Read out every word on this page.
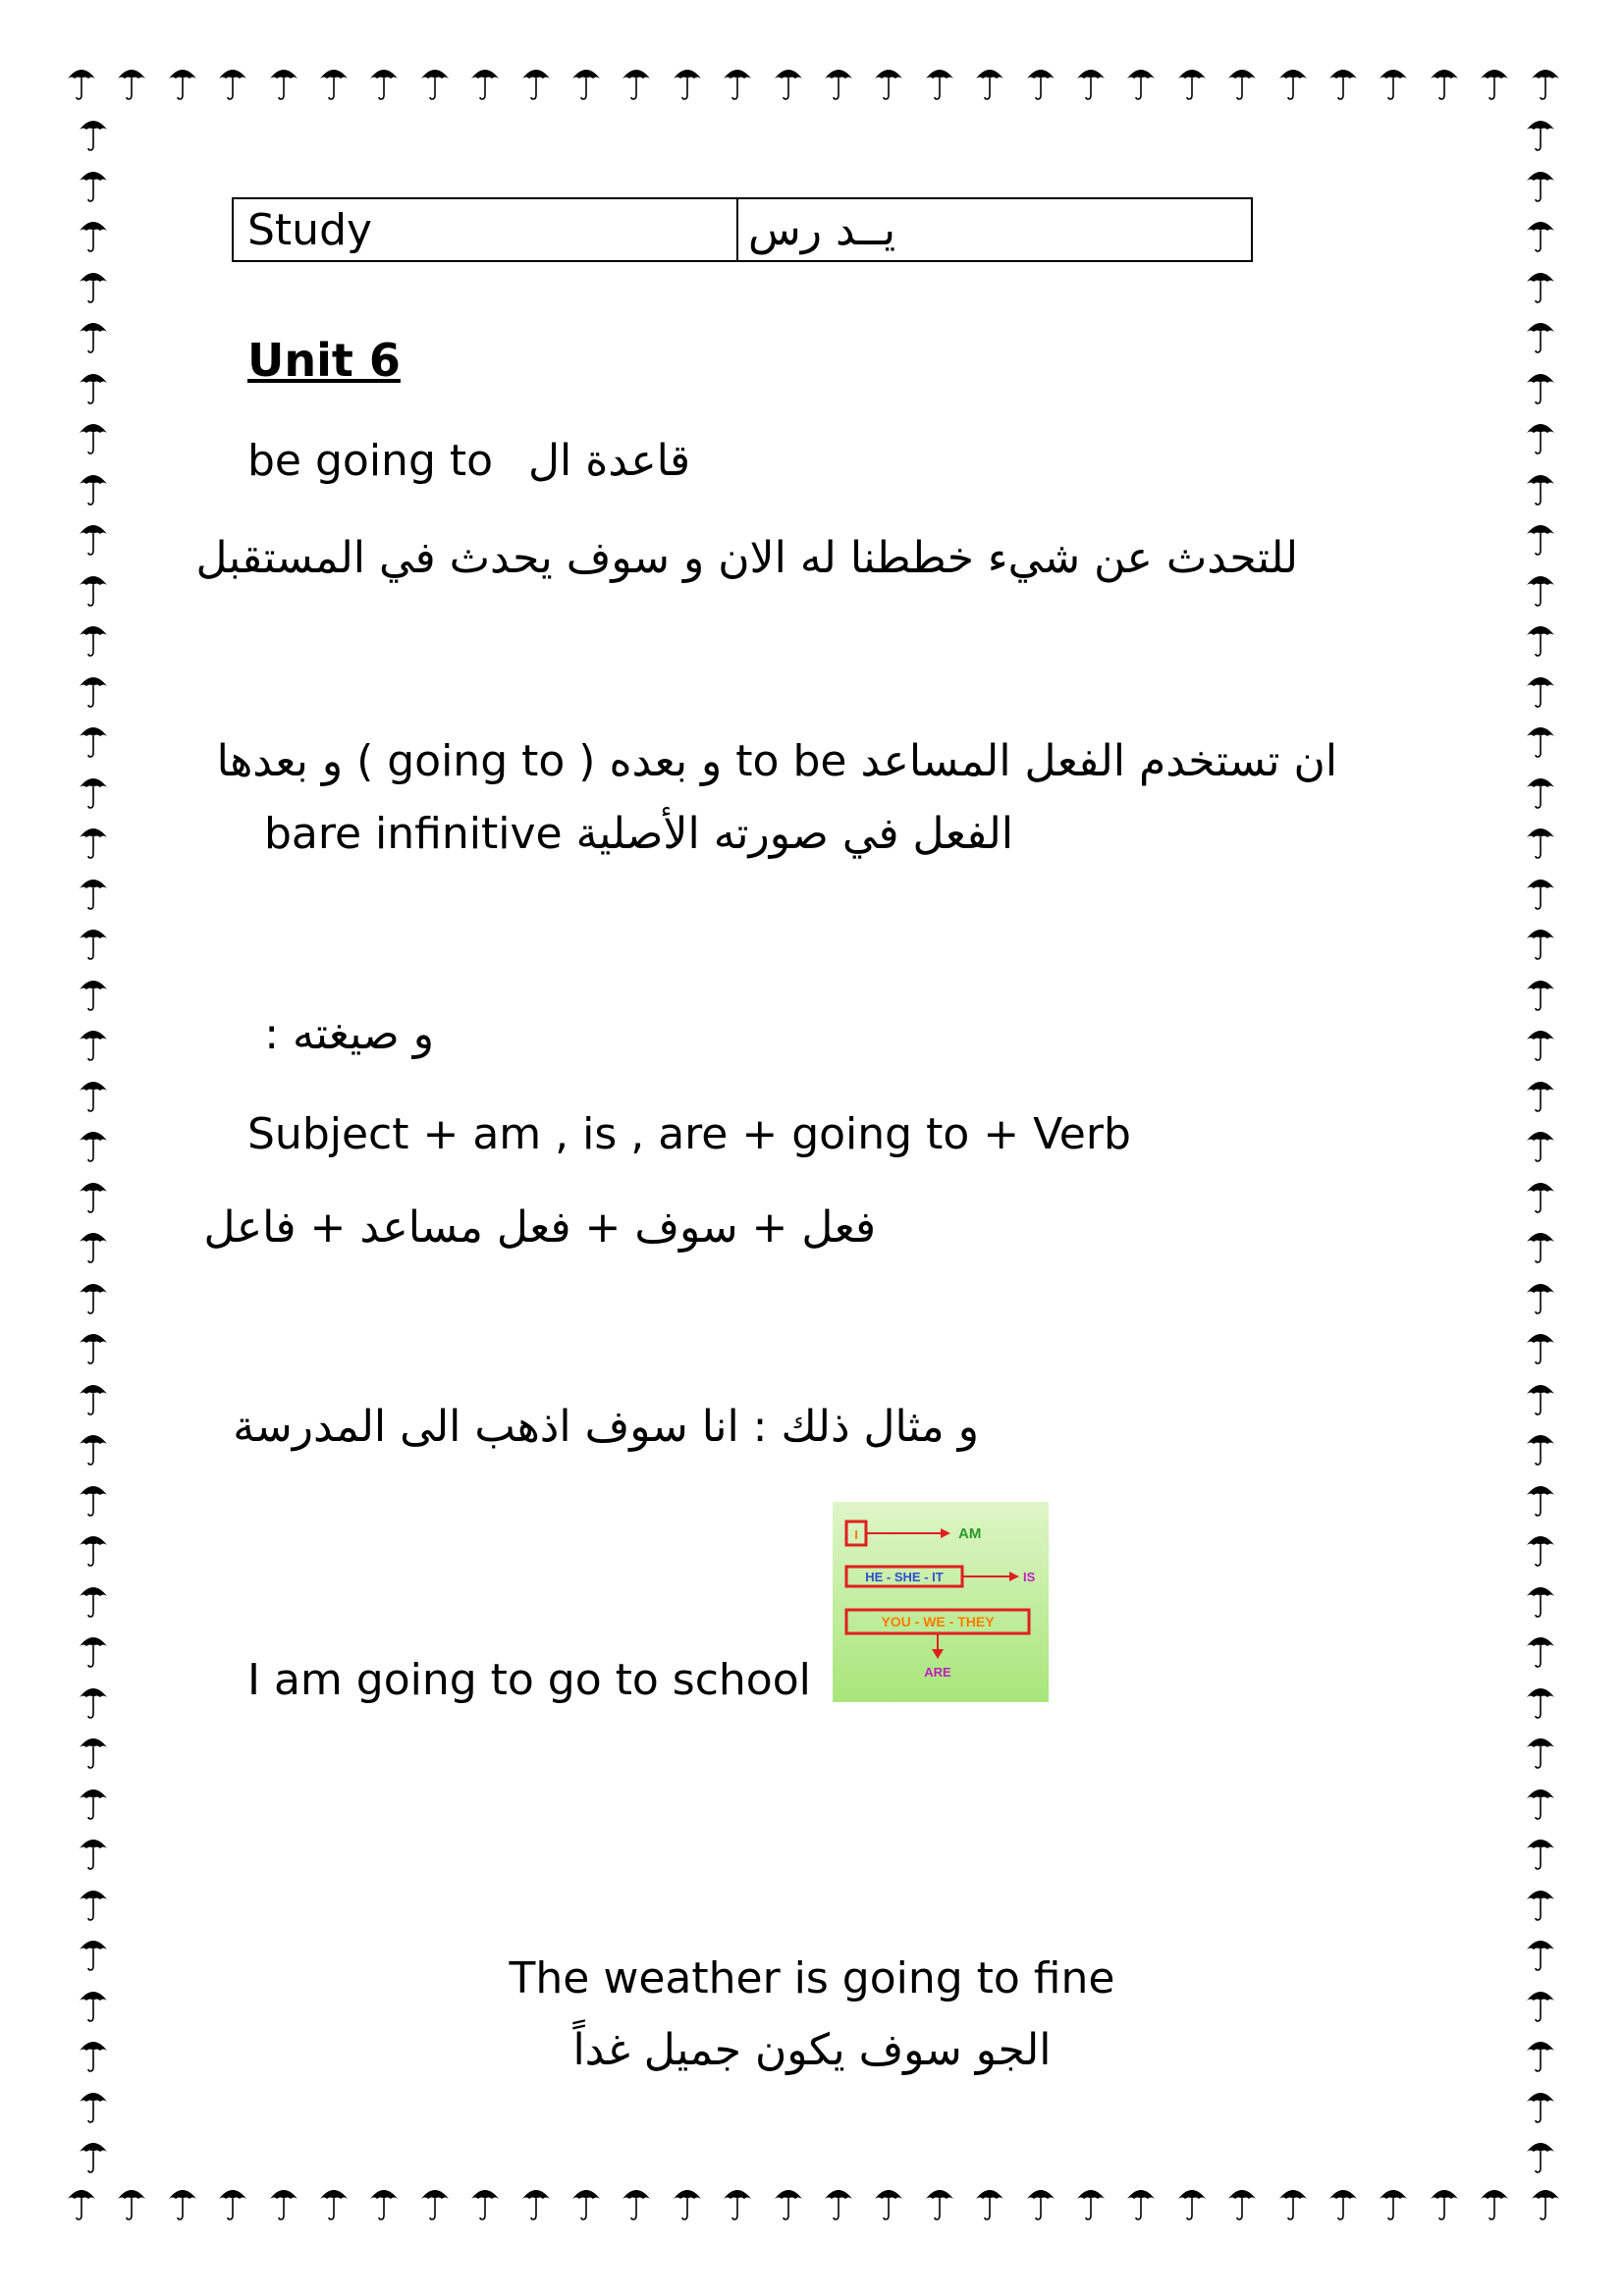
Study	يــد رس
Unit 6
be going to قاعدة ال
للتحدث عن شيء خططنا له الان و سوف يحدث في المستقبل
ان تستخدم الفعل المساعد to be و بعده ( going to ) و بعدها
الفعل في صورته الأصلية bare infinitive
و صيغته :
Subject + am , is , are + going to + Verb
فعل + سوف + فعل مساعد + فاعل
و مثال ذلك : انا سوف اذهب الى المدرسة
I am going to go to school
I	AM
HE - SHE - IT	IS
YOU - WE - THEY
ARE
The weather is going to fine
الجو سوف يكون جميل غداً
